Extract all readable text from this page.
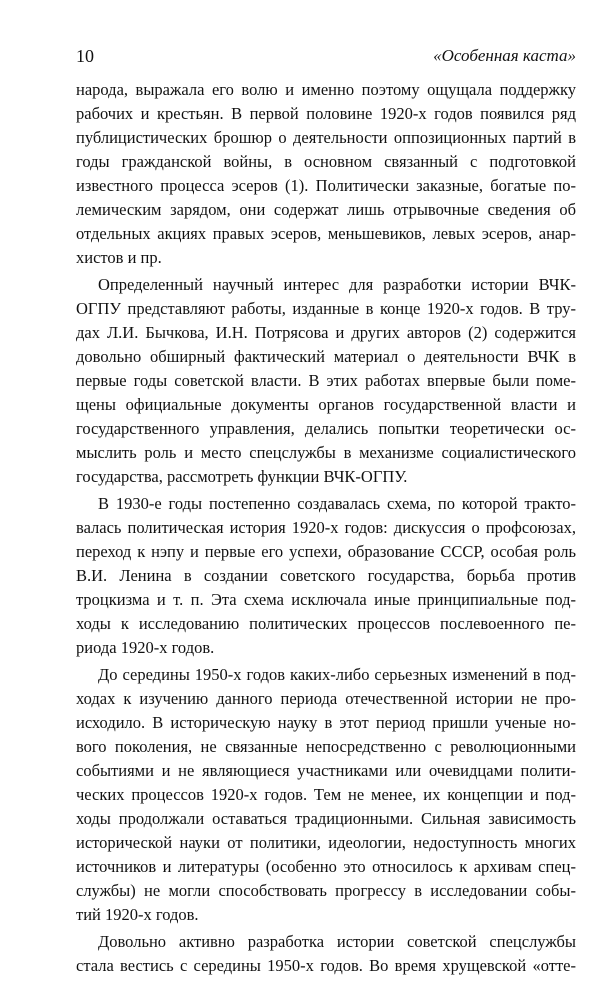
10	«Особенная каста»
народа, выражала его волю и именно поэтому ощущала поддержку
рабочих и крестьян. В первой половине 1920-х годов появился ряд
публицистических брошюр о деятельности оппозиционных партий в
годы гражданской войны, в основном связанный с подготовкой
известного процесса эсеров (1). Политически заказные, богатые по-
лемическим зарядом, они содержат лишь отрывочные сведения об
отдельных акциях правых эсеров, меньшевиков, левых эсеров, анар-
хистов и пр.
Определенный научный интерес для разработки истории ВЧК-
ОГПУ представляют работы, изданные в конце 1920-х годов. В тру-
дах Л.И. Бычкова, И.Н. Потрясова и других авторов (2) содержится
довольно обширный фактический материал о деятельности ВЧК в
первые годы советской власти. В этих работах впервые были поме-
щены официальные документы органов государственной власти и
государственного управления, делались попытки теоретически ос-
мыслить роль и место спецслужбы в механизме социалистического
государства, рассмотреть функции ВЧК-ОГПУ.
В 1930-е годы постепенно создавалась схема, по которой тракто-
валась политическая история 1920-х годов: дискуссия о профсоюзах,
переход к нэпу и первые его успехи, образование СССР, особая роль
В.И. Ленина в создании советского государства, борьба против
троцкизма и т. п. Эта схема исключала иные принципиальные под-
ходы к исследованию политических процессов послевоенного пе-
риода 1920-х годов.
До середины 1950-х годов каких-либо серьезных изменений в под-
ходах к изучению данного периода отечественной истории не про-
исходило. В историческую науку в этот период пришли ученые но-
вого поколения, не связанные непосредственно с революционными
событиями и не являющиеся участниками или очевидцами полити-
ческих процессов 1920-х годов. Тем не менее, их концепции и под-
ходы продолжали оставаться традиционными. Сильная зависимость
исторической науки от политики, идеологии, недоступность многих
источников и литературы (особенно это относилось к архивам спец-
службы) не могли способствовать прогрессу в исследовании собы-
тий 1920-х годов.
Довольно активно разработка истории советской спецслужбы
стала вестись с середины 1950-х годов. Во время хрущевской «отте-
